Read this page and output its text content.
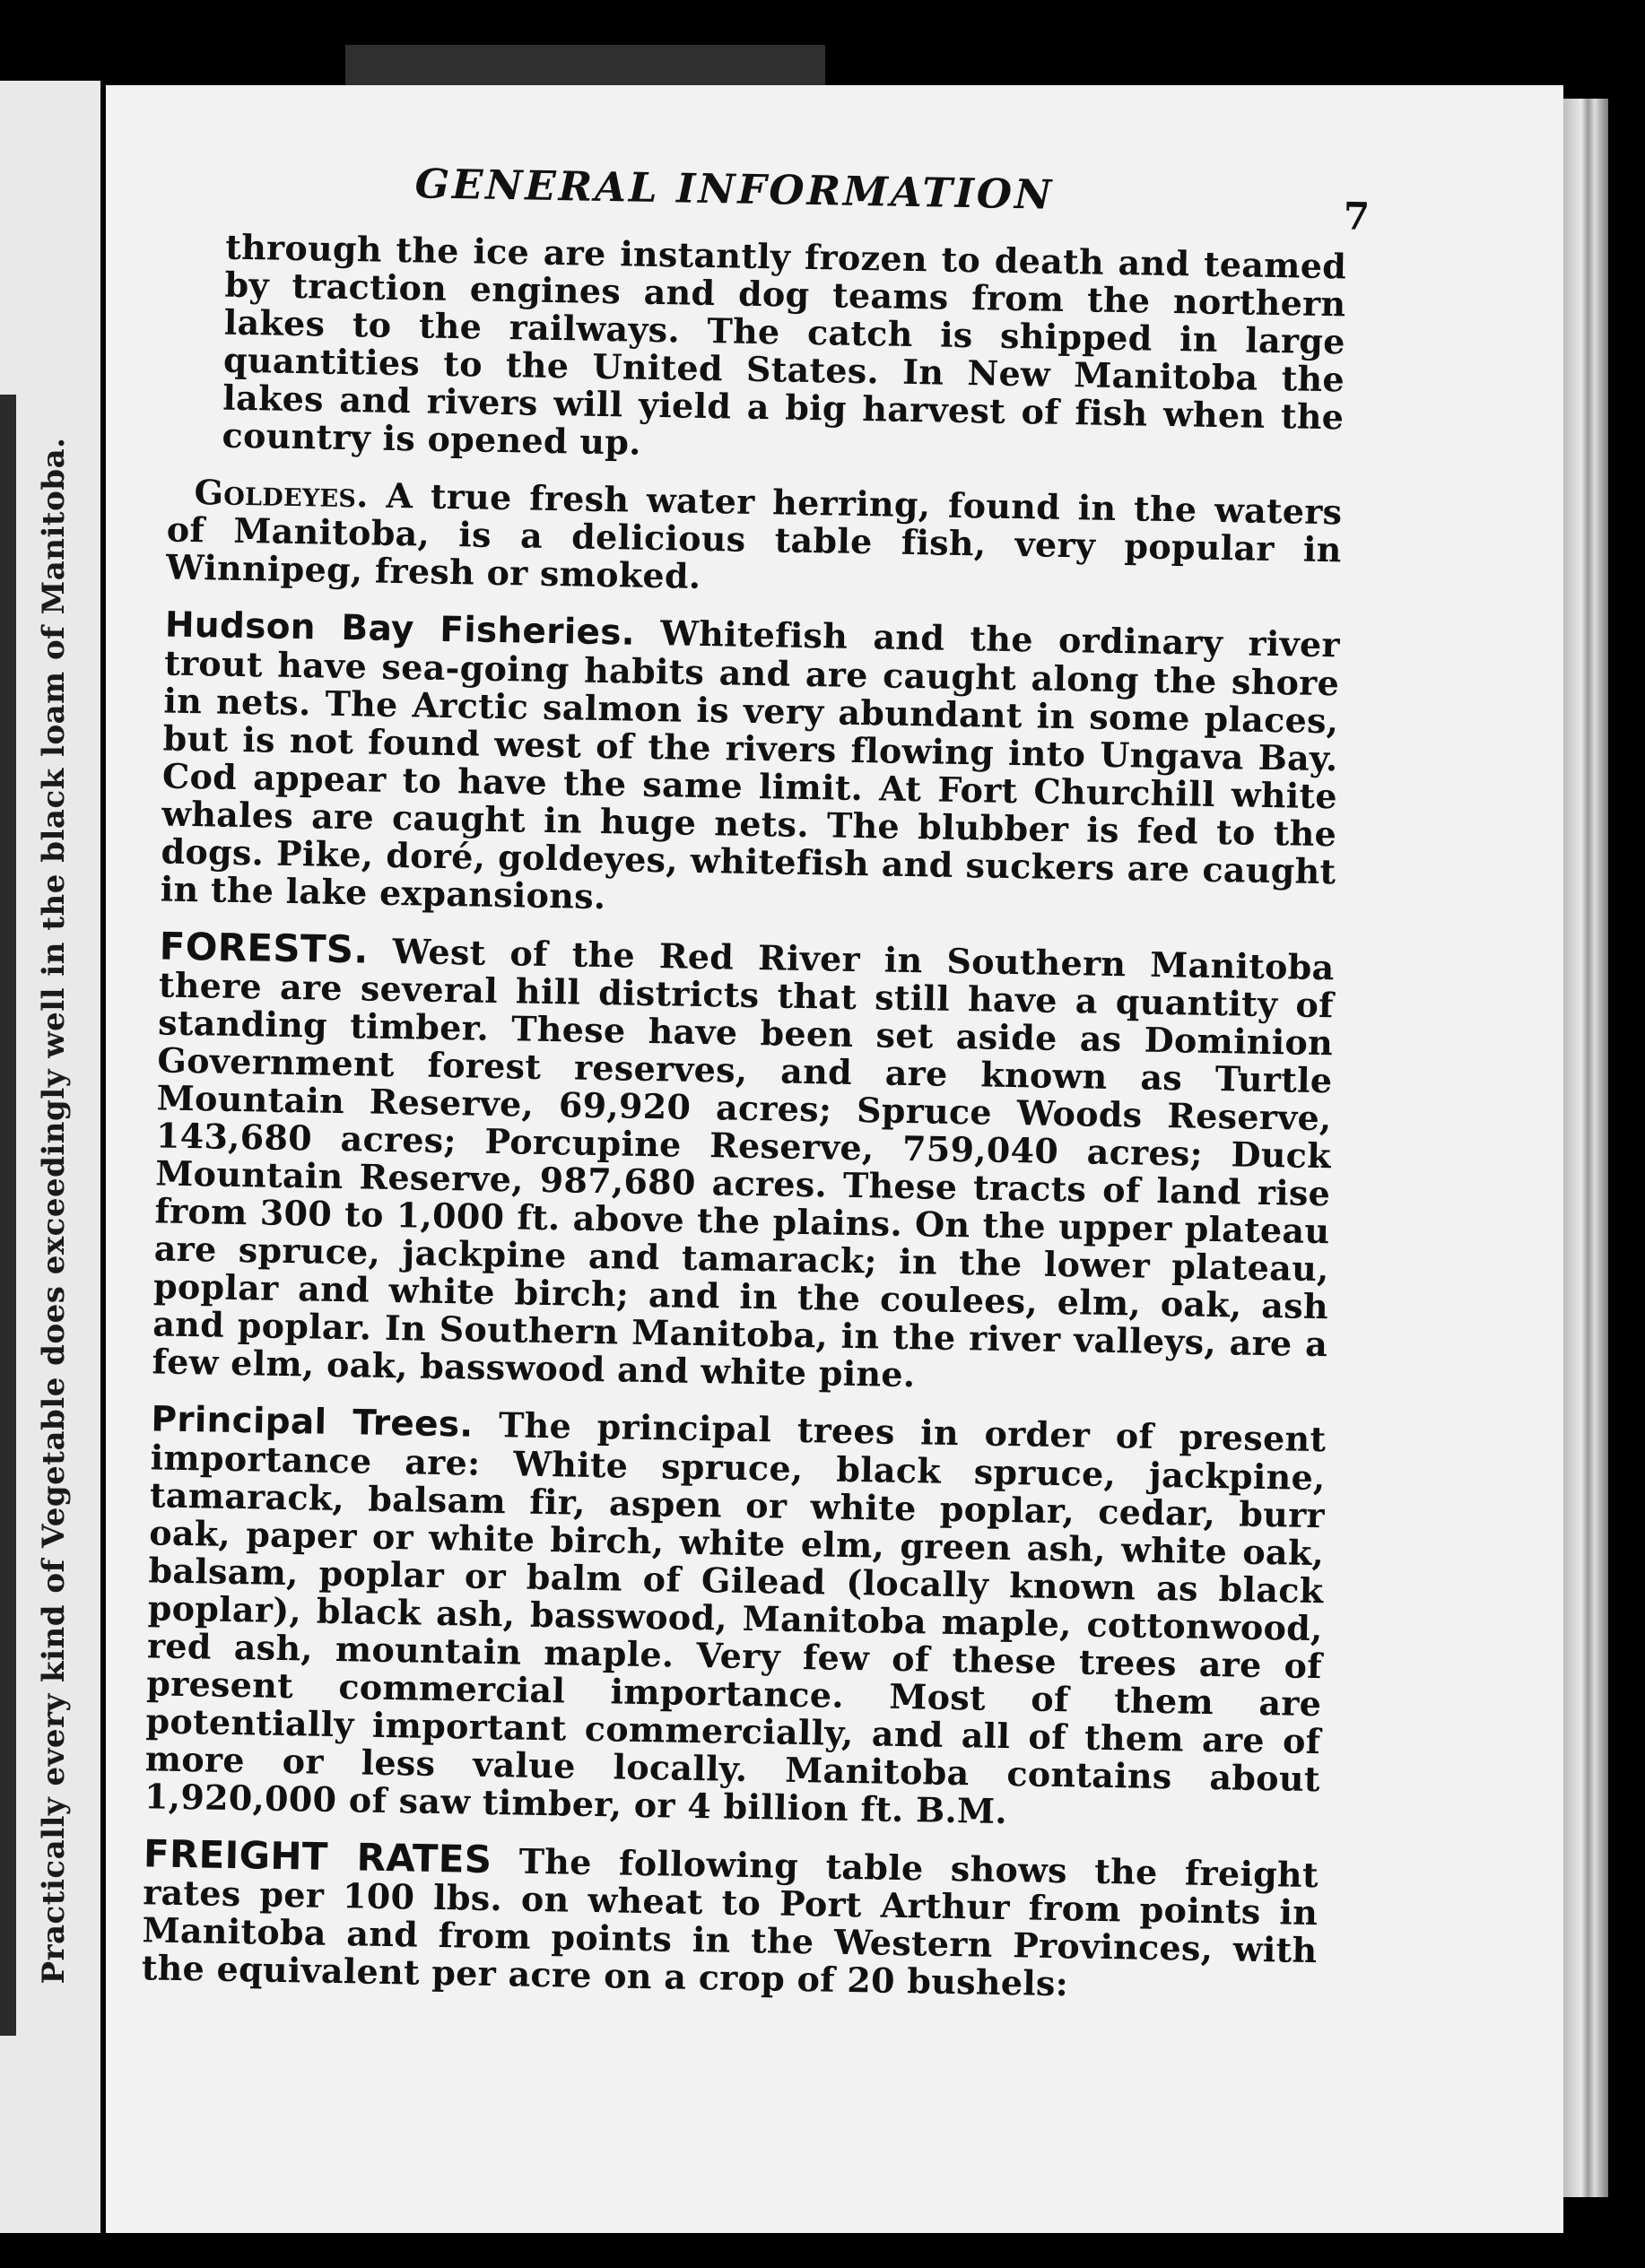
Practically every kind of Vegetable does exceedingly well in the black loam of Manitoba.
GENERAL INFORMATION	7

through the ice are instantly frozen to death and teamed by traction engines and dog teams from the northern lakes to the railways. The catch is shipped in large quantities to the United States. In New Manitoba the lakes and rivers will yield a big harvest of fish when the country is opened up.

Goldeyes. A true fresh water herring, found in the waters of Manitoba, is a delicious table fish, very popular in Winnipeg, fresh or smoked.

Hudson Bay Fisheries. Whitefish and the ordinary river trout have sea-going habits and are caught along the shore in nets. The Arctic salmon is very abundant in some places, but is not found west of the rivers flowing into Ungava Bay. Cod appear to have the same limit. At Fort Churchill white whales are caught in huge nets. The blubber is fed to the dogs. Pike, doré, goldeyes, whitefish and suckers are caught in the lake expansions.

FORESTS. West of the Red River in Southern Manitoba there are several hill districts that still have a quantity of standing timber. These have been set aside as Dominion Government forest reserves, and are known as Turtle Mountain Reserve, 69,920 acres; Spruce Woods Reserve, 143,680 acres; Porcupine Reserve, 759,040 acres; Duck Mountain Reserve, 987,680 acres. These tracts of land rise from 300 to 1,000 ft. above the plains. On the upper plateau are spruce, jackpine and tamarack; in the lower plateau, poplar and white birch; and in the coulees, elm, oak, ash and poplar. In Southern Manitoba, in the river valleys, are a few elm, oak, basswood and white pine.

Principal Trees. The principal trees in order of present importance are: White spruce, black spruce, jackpine, tamarack, balsam fir, aspen or white poplar, cedar, burr oak, paper or white birch, white elm, green ash, white oak, balsam, poplar or balm of Gilead (locally known as black poplar), black ash, basswood, Manitoba maple, cottonwood, red ash, mountain maple. Very few of these trees are of present commercial importance. Most of them are potentially important commercially, and all of them are of more or less value locally. Manitoba contains about 1,920,000 of saw timber, or 4 billion ft. B.M.

FREIGHT RATES The following table shows the freight rates per 100 lbs. on wheat to Port Arthur from points in Manitoba and from points in the Western Provinces, with the equivalent per acre on a crop of 20 bushels:
